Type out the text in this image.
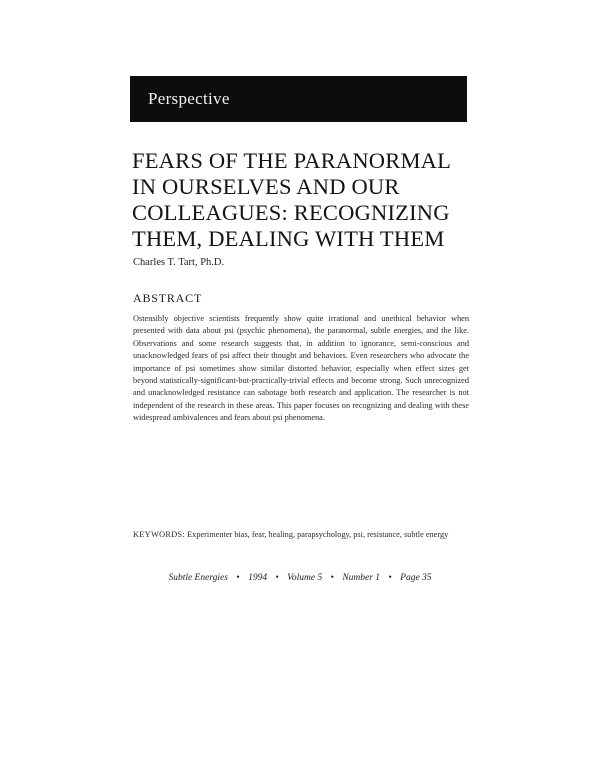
Perspective
FEARS OF THE PARANORMAL
IN OURSELVES AND OUR
COLLEAGUES: RECOGNIZING
THEM, DEALING WITH THEM
Charles T. Tart, Ph.D.
ABSTRACT
Ostensibly objective scientists frequently show quite irrational and unethical behavior when presented with data about psi (psychic phenomena), the paranormal, subtle energies, and the like. Observations and some research suggests that, in addition to ignorance, semi-conscious and unacknowledged fears of psi affect their thought and behaviors. Even researchers who advocate the importance of psi sometimes show similar distorted behavior, especially when effect sizes get beyond statistically-significant-but-practically-trivial effects and become strong. Such unrecognized and unacknowledged resistance can sabotage both research and application. The researcher is not independent of the research in these areas. This paper focuses on recognizing and dealing with these widespread ambivalences and fears about psi phenomena.
KEYWORDS: Experimenter bias, fear, healing, parapsychology, psi, resistance, subtle energy
Subtle Energies • 1994 • Volume 5 • Number 1 • Page 35
